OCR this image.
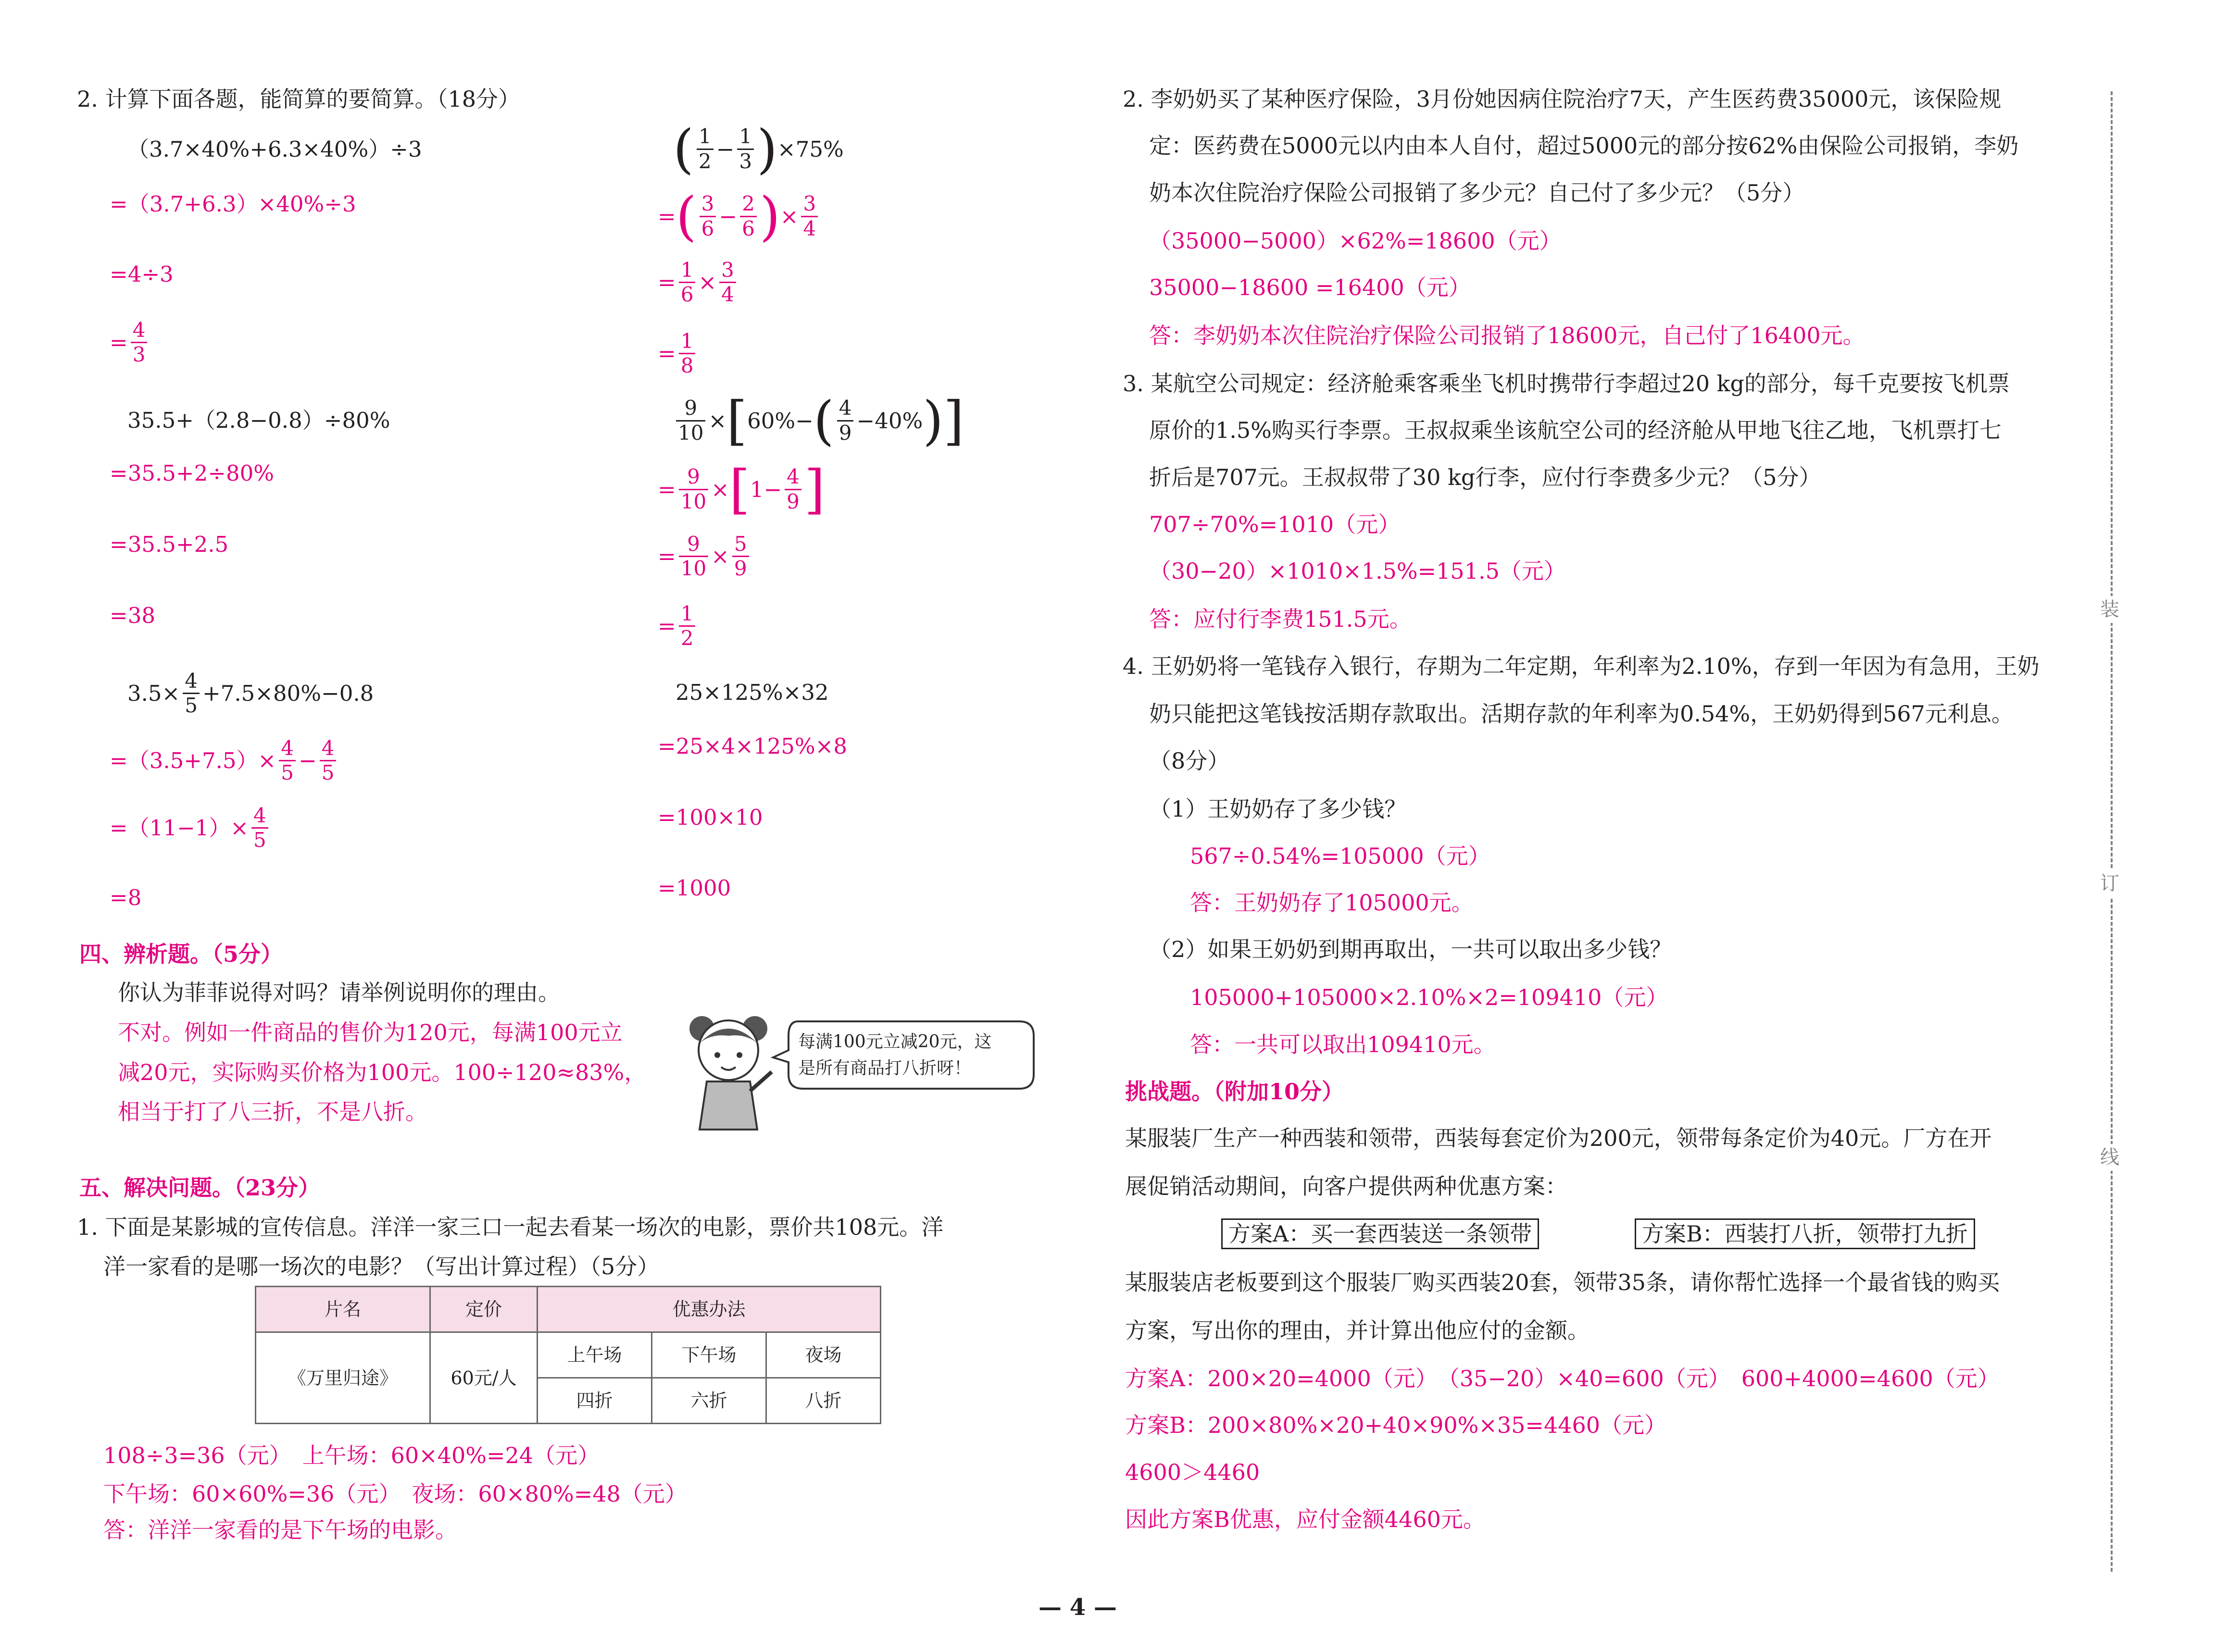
2. 计算下面各题，能简算的要简算。（18分）
（3.7×40%+6.3×40%）÷3
=（3.7+6.3）×40%÷3
=4÷3
= $\frac{4}{3}$
35.5+（2.8−0.8）÷80%
=35.5+2÷80%
=35.5+2.5
=38
$3.5\times \frac{4}{5} +7.5\times 80\%-0.8$
$=(3.5+7.5)\times \frac{4}{5} - \frac{4}{5}$
$=(11-1)\times \frac{4}{5}$
=8
( $\frac{1}{2} - \frac{1}{3}$ ) ×75%
= ( $\frac{3}{6} - \frac{2}{6}$ ) × $\frac{3}{4}$
= $\frac{1}{6} \times \frac{3}{4}$
= $\frac{1}{8}$
$\frac{9}{10}$ × [ 60%− ( $\frac{4}{9} -40\%$ ) ]
= $\frac{9}{10}$ × [ $1- \frac{4}{9}$ ]
= $\frac{9}{10} \times \frac{5}{9}$
= $\frac{1}{2}$
25×125%×32
=25×4×125%×8
=100×10
=1000
四、辨析题。（5分）
你认为菲菲说得对吗？请举例说明你的理由。
不对。例如一件商品的售价为120元，每满100元立
减20元，实际购买价格为100元。100÷120≈83%，
相当于打了八三折，不是八折。
每满100元立减20元，这
是所有商品打八折呀！
五、解决问题。（23分）
1. 下面是某影城的宣传信息。洋洋一家三口一起去看某一场次的电影，票价共108元。洋
洋一家看的是哪一场次的电影？（写出计算过程）（5分）
片名	定价	优惠办法		
《万里归途》	60元/人	上午场	下午场	夜场
		四折	六折	八折
108÷3=36（元）　上午场：60×40%=24（元）
下午场：60×60%=36（元）　夜场：60×80%=48（元）
答：洋洋一家看的是下午场的电影。
2. 李奶奶买了某种医疗保险，3月份她因病住院治疗7天，产生医药费35000元，该保险规
定：医药费在5000元以内由本人自付，超过5000元的部分按62%由保险公司报销，李奶
奶本次住院治疗保险公司报销了多少元？自己付了多少元？（5分）
（35000−5000）×62%=18600（元）
35000−18600 =16400（元）
答：李奶奶本次住院治疗保险公司报销了18600元，自己付了16400元。
3. 某航空公司规定：经济舱乘客乘坐飞机时携带行李超过20 kg的部分，每千克要按飞机票
原价的1.5%购买行李票。王叔叔乘坐该航空公司的经济舱从甲地飞往乙地，飞机票打七
折后是707元。王叔叔带了30 kg行李，应付行李费多少元？（5分）
707÷70%=1010（元）
（30−20）×1010×1.5%=151.5（元）
答：应付行李费151.5元。
4. 王奶奶将一笔钱存入银行，存期为二年定期，年利率为2.10%，存到一年因为有急用，王奶
奶只能把这笔钱按活期存款取出。活期存款的年利率为0.54%，王奶奶得到567元利息。
（8分）
（1）王奶奶存了多少钱？
567÷0.54%=105000（元）
答：王奶奶存了105000元。
（2）如果王奶奶到期再取出，一共可以取出多少钱？
105000+105000×2.10%×2=109410（元）
答：一共可以取出109410元。
挑战题。（附加10分）
某服装厂生产一种西装和领带，西装每套定价为200元，领带每条定价为40元。厂方在开
展促销活动期间，向客户提供两种优惠方案：
方案A：买一套西装送一条领带	方案B：西装打八折，领带打九折
某服装店老板要到这个服装厂购买西装20套，领带35条，请你帮忙选择一个最省钱的购买
方案，写出你的理由，并计算出他应付的金额。
方案A：200×20=4000（元）　（35−20）×40=600（元）　600+4000=4600（元）
方案B：200×80%×20+40×90%×35=4460（元）
4600＞4460
因此方案B优惠，应付金额4460元。
装
订
线
— 4 —
